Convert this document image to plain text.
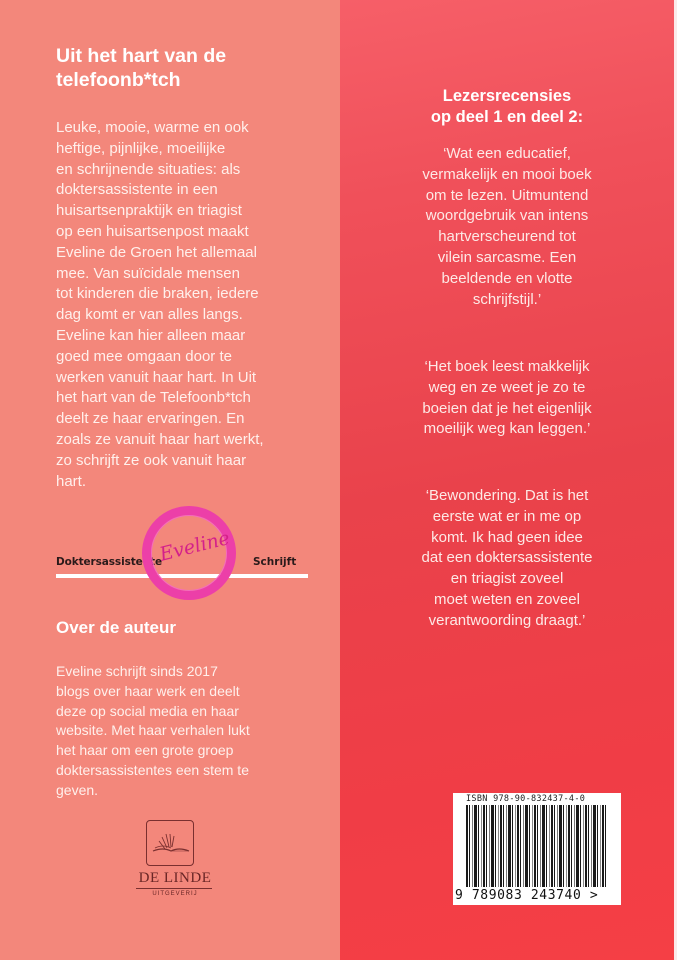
Uit het hart van de
telefoonb*tch
Leuke, mooie, warme en ook
heftige, pijnlijke, moeilijke
en schrijnende situaties: als
doktersassistente in een
huisartsenpraktijk en triagist
op een huisartsenpost maakt
Eveline de Groen het allemaal
mee. Van suïcidale mensen
tot kinderen die braken, iedere
dag komt er van alles langs.
Eveline kan hier alleen maar
goed mee omgaan door te
werken vanuit haar hart. In Uit
het hart van de Telefoonb*tch
deelt ze haar ervaringen. En
zoals ze vanuit haar hart werkt,
zo schrijft ze ook vanuit haar
hart.
Doktersassistente	Schrijft
Eveline
Over de auteur
Eveline schrijft sinds 2017
blogs over haar werk en deelt
deze op social media en haar
website. Met haar verhalen lukt
het haar om een grote groep
doktersassistentes een stem te
geven.
DE LINDE
UITGEVERIJ
Lezersrecensies
op deel 1 en deel 2:
‘Wat een educatief,
vermakelijk en mooi boek
om te lezen. Uitmuntend
woordgebruik van intens
hartverscheurend tot
vilein sarcasme. Een
beeldende en vlotte
schrijfstijl.’
‘Het boek leest makkelijk
weg en ze weet je zo te
boeien dat je het eigenlijk
moeilijk weg kan leggen.’
‘Bewondering. Dat is het
eerste wat er in me op
komt. Ik had geen idee
dat een doktersassistente
en triagist zoveel
moet weten en zoveel
verantwoording draagt.’
ISBN 978-90-832437-4-0
9 789083 243740 >
